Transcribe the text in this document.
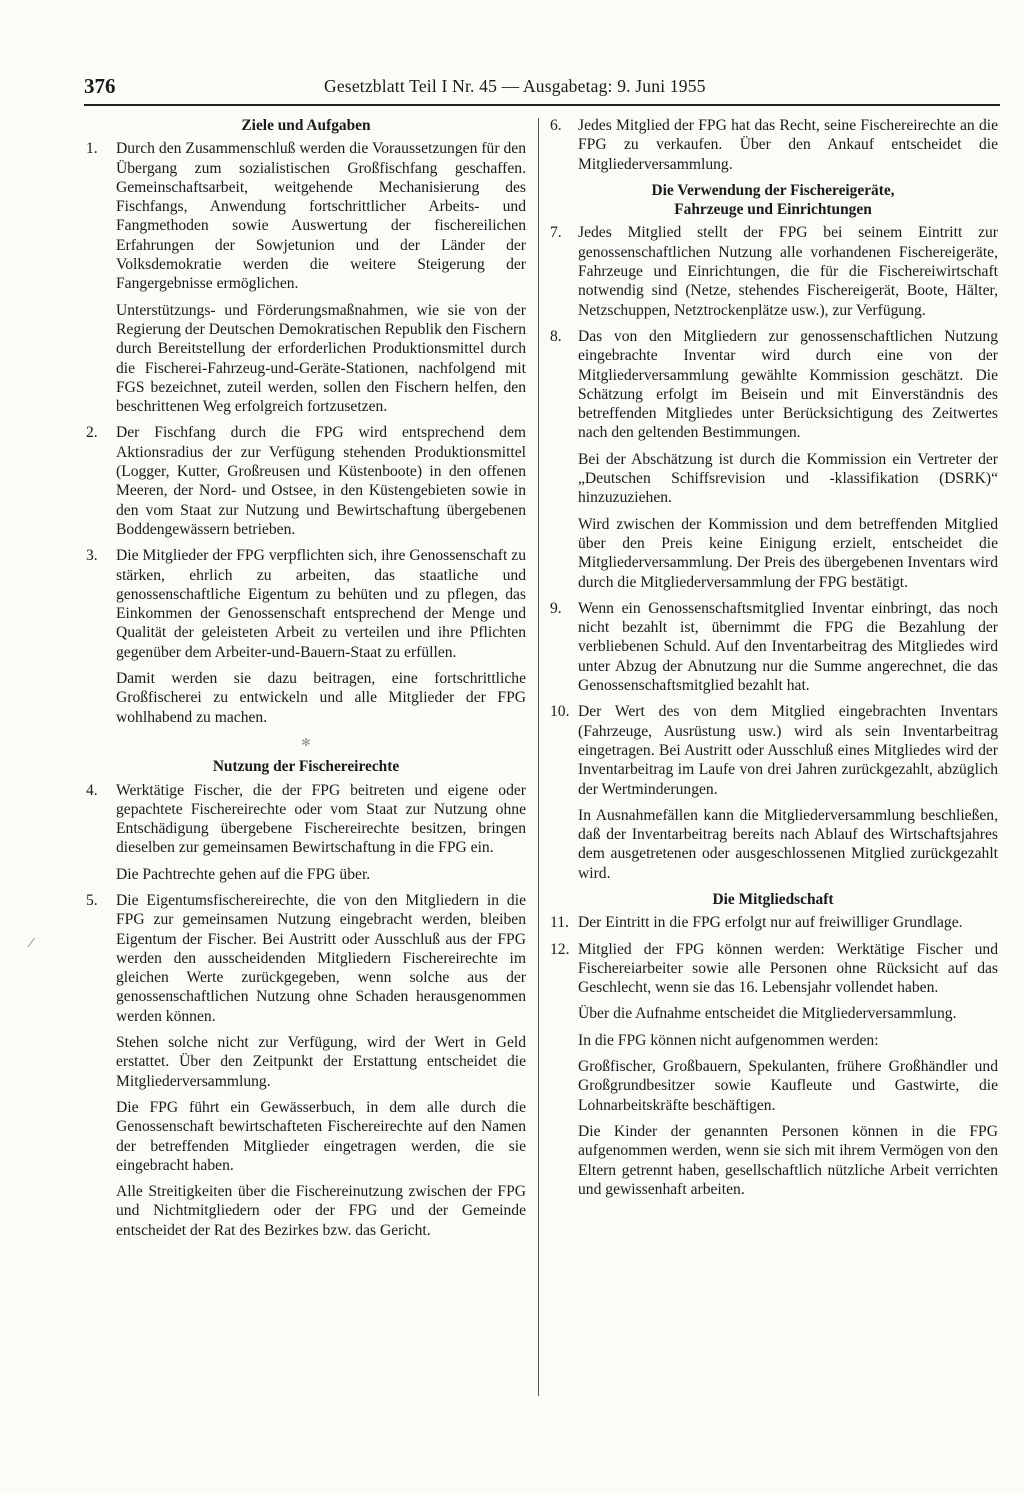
376	Gesetzblatt Teil I Nr. 45 — Ausgabetag: 9. Juni 1955
⁄
Ziele und Aufgaben
1. Durch den Zusammenschluß werden die Voraussetzungen für den Übergang zum sozialistischen Großfischfang geschaffen. Gemeinschaftsarbeit, weitgehende Mechanisierung des Fischfangs, Anwendung fortschrittlicher Arbeits- und Fangmethoden sowie Auswertung der fischereilichen Erfahrungen der Sowjetunion und der Länder der Volksdemokratie werden die weitere Steigerung der Fangergebnisse ermöglichen.
Unterstützungs- und Förderungsmaßnahmen, wie sie von der Regierung der Deutschen Demokratischen Republik den Fischern durch Bereitstellung der erforderlichen Produktionsmittel durch die Fischerei-Fahrzeug-und-Geräte-Stationen, nachfolgend mit FGS bezeichnet, zuteil werden, sollen den Fischern helfen, den beschrittenen Weg erfolgreich fortzusetzen.
2. Der Fischfang durch die FPG wird entsprechend dem Aktionsradius der zur Verfügung stehenden Produktionsmittel (Logger, Kutter, Großreusen und Küstenboote) in den offenen Meeren, der Nord- und Ostsee, in den Küstengebieten sowie in den vom Staat zur Nutzung und Bewirtschaftung übergebenen Boddengewässern betrieben.
3. Die Mitglieder der FPG verpflichten sich, ihre Genossenschaft zu stärken, ehrlich zu arbeiten, das staatliche und genossenschaftliche Eigentum zu behüten und zu pflegen, das Einkommen der Genossenschaft entsprechend der Menge und Qualität der geleisteten Arbeit zu verteilen und ihre Pflichten gegenüber dem Arbeiter-und-Bauern-Staat zu erfüllen.
Damit werden sie dazu beitragen, eine fortschrittliche Großfischerei zu entwickeln und alle Mitglieder der FPG wohlhabend zu machen.
✻
Nutzung der Fischereirechte
4. Werktätige Fischer, die der FPG beitreten und eigene oder gepachtete Fischereirechte oder vom Staat zur Nutzung ohne Entschädigung übergebene Fischereirechte besitzen, bringen dieselben zur gemeinsamen Bewirtschaftung in die FPG ein.
Die Pachtrechte gehen auf die FPG über.
5. Die Eigentumsfischereirechte, die von den Mitgliedern in die FPG zur gemeinsamen Nutzung eingebracht werden, bleiben Eigentum der Fischer. Bei Austritt oder Ausschluß aus der FPG werden den ausscheidenden Mitgliedern Fischereirechte im gleichen Werte zurückgegeben, wenn solche aus der genossenschaftlichen Nutzung ohne Schaden herausgenommen werden können.
Stehen solche nicht zur Verfügung, wird der Wert in Geld erstattet. Über den Zeitpunkt der Erstattung entscheidet die Mitgliederversammlung.
Die FPG führt ein Gewässerbuch, in dem alle durch die Genossenschaft bewirtschafteten Fischereirechte auf den Namen der betreffenden Mitglieder eingetragen werden, die sie eingebracht haben.
Alle Streitigkeiten über die Fischereinutzung zwischen der FPG und Nichtmitgliedern oder der FPG und der Gemeinde entscheidet der Rat des Bezirkes bzw. das Gericht.
6. Jedes Mitglied der FPG hat das Recht, seine Fischereirechte an die FPG zu verkaufen. Über den Ankauf entscheidet die Mitgliederversammlung.
Die Verwendung der Fischereigeräte,
Fahrzeuge und Einrichtungen
7. Jedes Mitglied stellt der FPG bei seinem Eintritt zur genossenschaftlichen Nutzung alle vorhandenen Fischereigeräte, Fahrzeuge und Einrichtungen, die für die Fischereiwirtschaft notwendig sind (Netze, stehendes Fischereigerät, Boote, Hälter, Netzschuppen, Netztrockenplätze usw.), zur Verfügung.
8. Das von den Mitgliedern zur genossenschaftlichen Nutzung eingebrachte Inventar wird durch eine von der Mitgliederversammlung gewählte Kommission geschätzt. Die Schätzung erfolgt im Beisein und mit Einverständnis des betreffenden Mitgliedes unter Berücksichtigung des Zeitwertes nach den geltenden Bestimmungen.
Bei der Abschätzung ist durch die Kommission ein Vertreter der „Deutschen Schiffsrevision und -klassifikation (DSRK)“ hinzuzuziehen.
Wird zwischen der Kommission und dem betreffenden Mitglied über den Preis keine Einigung erzielt, entscheidet die Mitgliederversammlung. Der Preis des übergebenen Inventars wird durch die Mitgliederversammlung der FPG bestätigt.
9. Wenn ein Genossenschaftsmitglied Inventar einbringt, das noch nicht bezahlt ist, übernimmt die FPG die Bezahlung der verbliebenen Schuld. Auf den Inventarbeitrag des Mitgliedes wird unter Abzug der Abnutzung nur die Summe angerechnet, die das Genossenschaftsmitglied bezahlt hat.
10. Der Wert des von dem Mitglied eingebrachten Inventars (Fahrzeuge, Ausrüstung usw.) wird als sein Inventarbeitrag eingetragen. Bei Austritt oder Ausschluß eines Mitgliedes wird der Inventarbeitrag im Laufe von drei Jahren zurückgezahlt, abzüglich der Wertminderungen.
In Ausnahmefällen kann die Mitgliederversammlung beschließen, daß der Inventarbeitrag bereits nach Ablauf des Wirtschaftsjahres dem ausgetretenen oder ausgeschlossenen Mitglied zurückgezahlt wird.
Die Mitgliedschaft
11. Der Eintritt in die FPG erfolgt nur auf freiwilliger Grundlage.
12. Mitglied der FPG können werden: Werktätige Fischer und Fischereiarbeiter sowie alle Personen ohne Rücksicht auf das Geschlecht, wenn sie das 16. Lebensjahr vollendet haben.
Über die Aufnahme entscheidet die Mitgliederversammlung.
In die FPG können nicht aufgenommen werden:
Großfischer, Großbauern, Spekulanten, frühere Großhändler und Großgrundbesitzer sowie Kaufleute und Gastwirte, die Lohnarbeitskräfte beschäftigen.
Die Kinder der genannten Personen können in die FPG aufgenommen werden, wenn sie sich mit ihrem Vermögen von den Eltern getrennt haben, gesellschaftlich nützliche Arbeit verrichten und gewissenhaft arbeiten.
